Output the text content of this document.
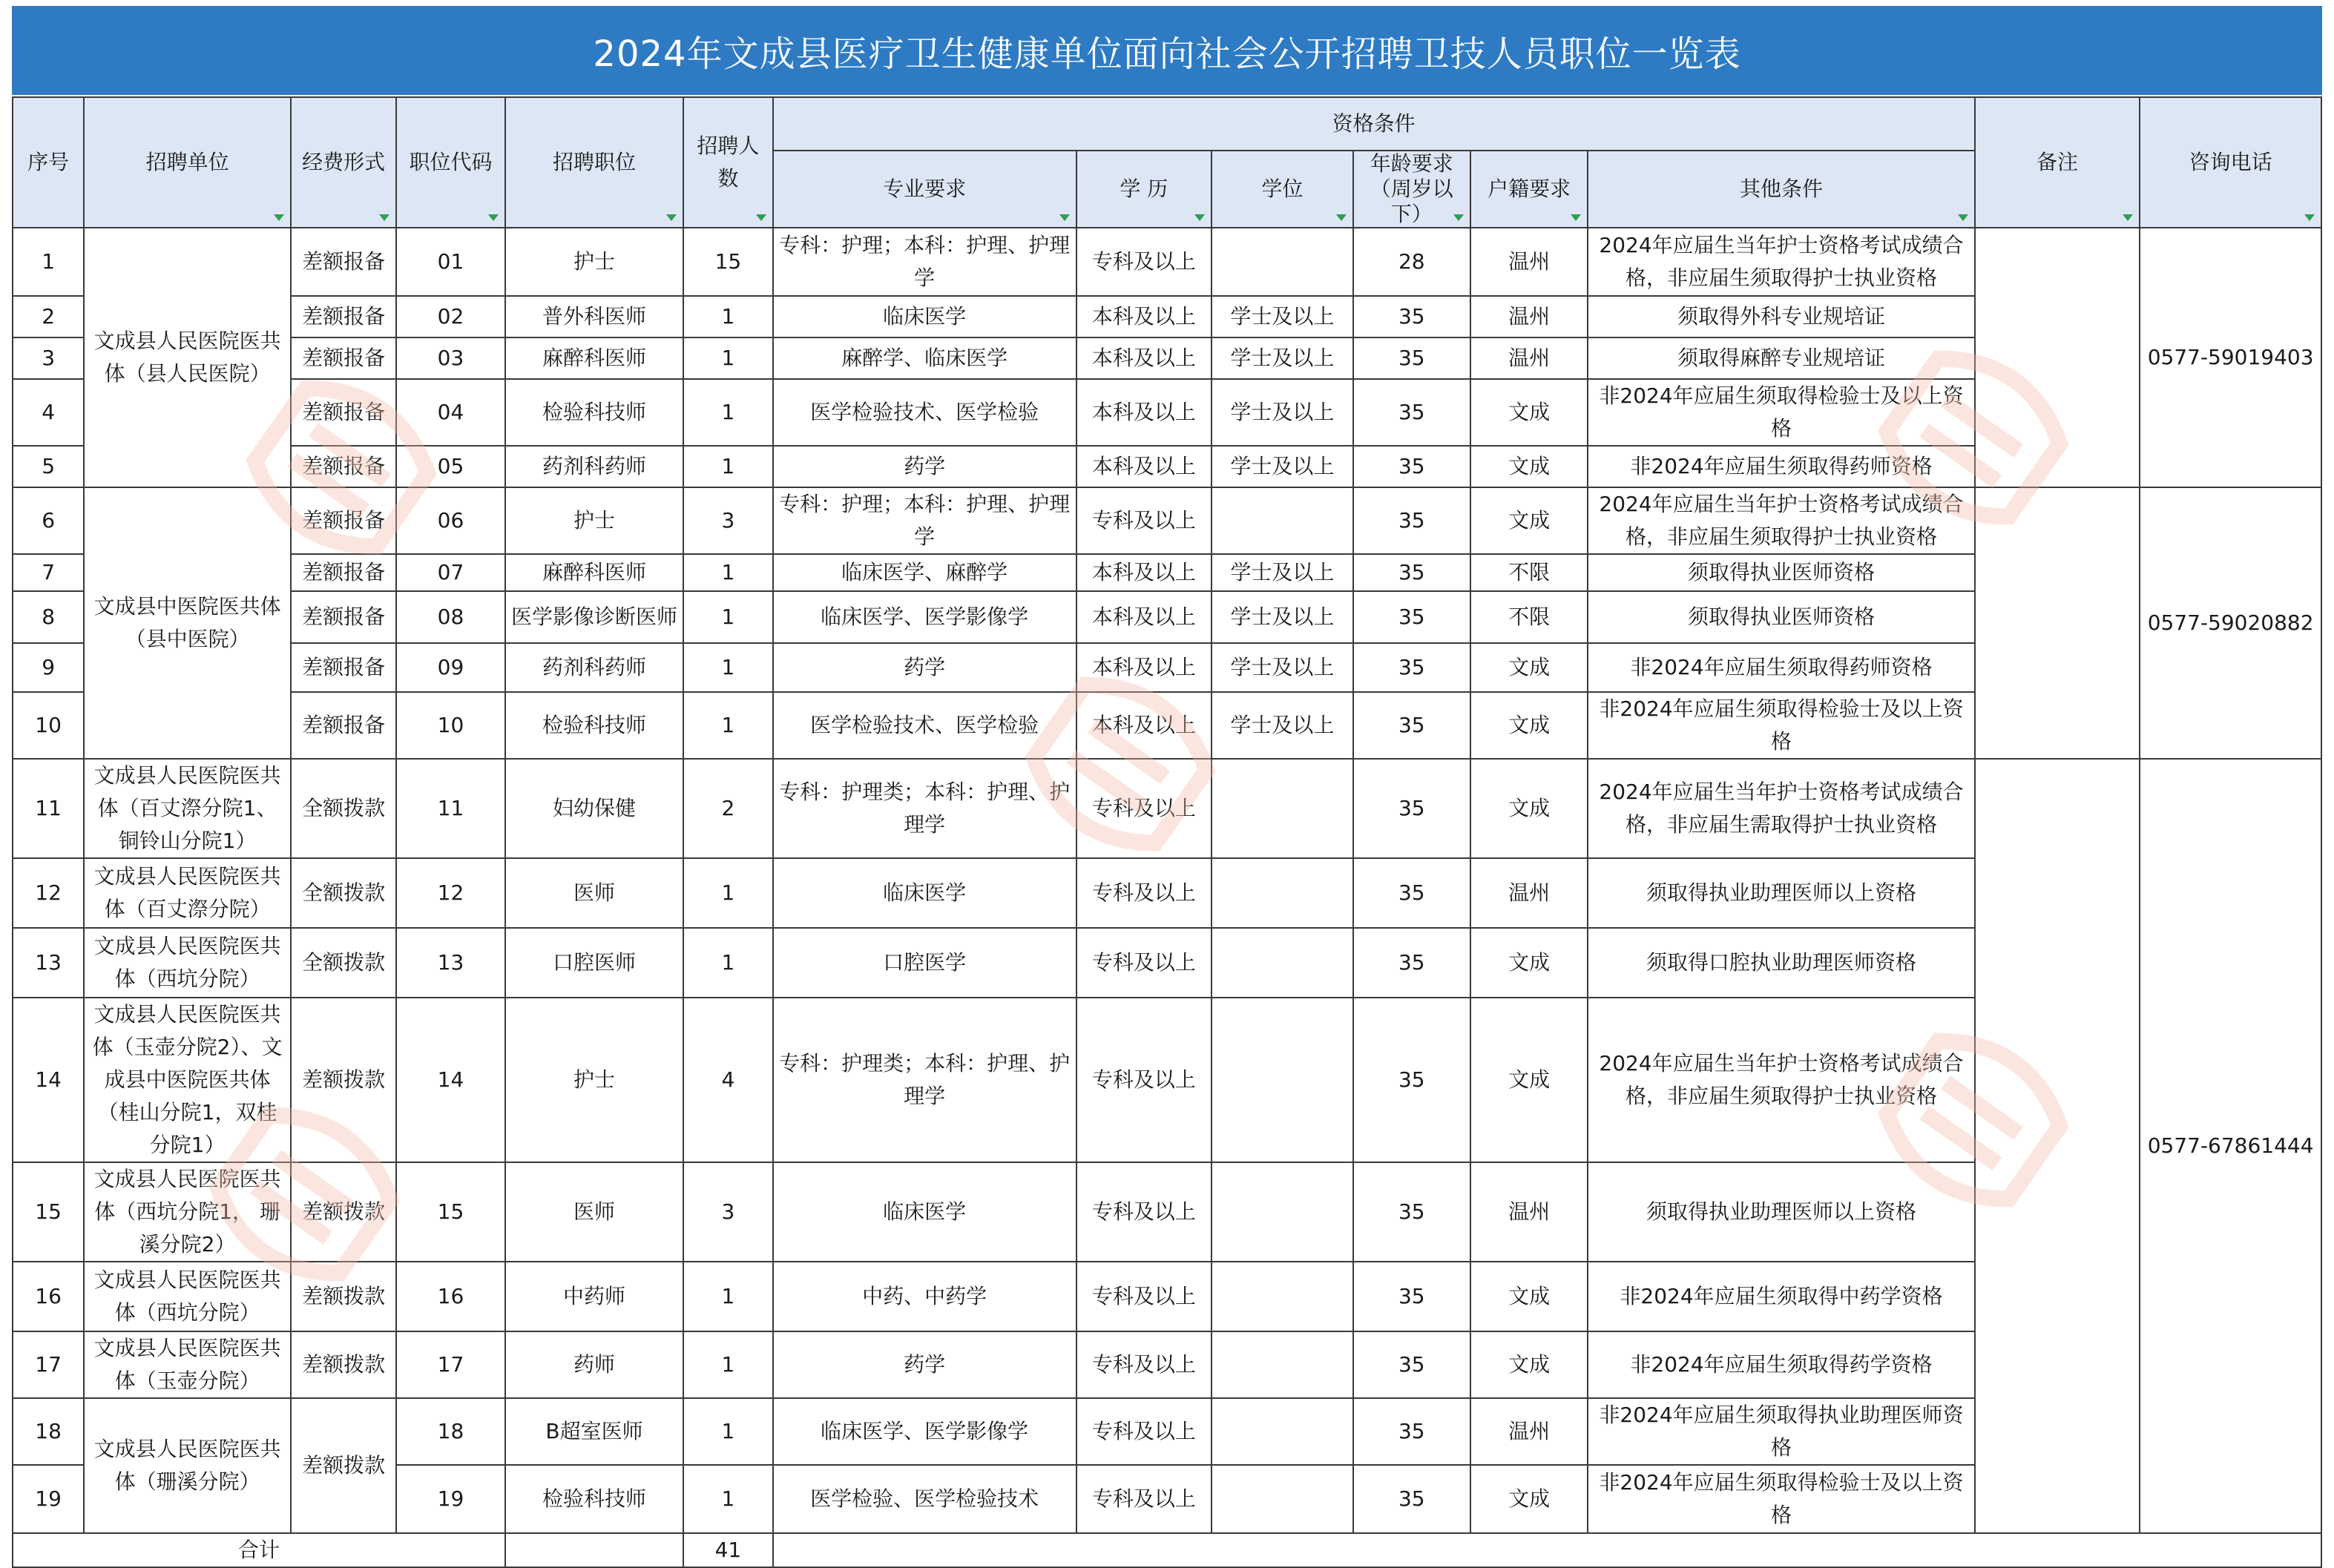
2024年文成县医疗卫生健康单位面向社会公开招聘卫技人员职位一览表
序号	招聘单位	经费形式	职位代码	招聘职位	招聘人数	资格条件						备注	咨询电话

						专业要求	学 历	学位	年龄要求（周岁以下）	户籍要求	其他条件		

1	文成县人民医院医共体（县人民医院）	差额报备	01	护士	15	专科：护理；本科：护理、护理学	专科及以上		28	温州	2024年应届生当年护士资格考试成绩合格，非应届生须取得护士执业资格		0577-59019403
2		差额报备	02	普外科医师	1	临床医学	本科及以上	学士及以上	35	温州	须取得外科专业规培证		
3		差额报备	03	麻醉科医师	1	麻醉学、临床医学	本科及以上	学士及以上	35	温州	须取得麻醉专业规培证		
4		差额报备	04	检验科技师	1	医学检验技术、医学检验	本科及以上	学士及以上	35	文成	非2024年应届生须取得检验士及以上资格		
5		差额报备	05	药剂科药师	1	药学	本科及以上	学士及以上	35	文成	非2024年应届生须取得药师资格		
6	文成县中医院医共体（县中医院）	差额报备	06	护士	3	专科：护理；本科：护理、护理学	专科及以上		35	文成	2024年应届生当年护士资格考试成绩合格，非应届生须取得护士执业资格		0577-59020882
7		差额报备	07	麻醉科医师	1	临床医学、麻醉学	本科及以上	学士及以上	35	不限	须取得执业医师资格		
8		差额报备	08	医学影像诊断医师	1	临床医学、医学影像学	本科及以上	学士及以上	35	不限	须取得执业医师资格		
9		差额报备	09	药剂科药师	1	药学	本科及以上	学士及以上	35	文成	非2024年应届生须取得药师资格		
10		差额报备	10	检验科技师	1	医学检验技术、医学检验	本科及以上	学士及以上	35	文成	非2024年应届生须取得检验士及以上资格		
11	文成县人民医院医共体（百丈漈分院1、铜铃山分院1）	全额拨款	11	妇幼保健	2	专科：护理类；本科：护理、护理学	专科及以上		35	文成	2024年应届生当年护士资格考试成绩合格，非应届生需取得护士执业资格		0577-67861444
12	文成县人民医院医共体（百丈漈分院）	全额拨款	12	医师	1	临床医学	专科及以上		35	温州	须取得执业助理医师以上资格		
13	文成县人民医院医共体（西坑分院）	全额拨款	13	口腔医师	1	口腔医学	专科及以上		35	文成	须取得口腔执业助理医师资格		
14	文成县人民医院医共体（玉壶分院2）、文成县中医院医共体（桂山分院1，双桂分院1）	差额拨款	14	护士	4	专科：护理类；本科：护理、护理学	专科及以上		35	文成	2024年应届生当年护士资格考试成绩合格，非应届生须取得护士执业资格		
15	文成县人民医院医共体（西坑分院1， 珊溪分院2）	差额拨款	15	医师	3	临床医学	专科及以上		35	温州	须取得执业助理医师以上资格		
16	文成县人民医院医共体（西坑分院）	差额拨款	16	中药师	1	中药、中药学	专科及以上		35	文成	非2024年应届生须取得中药学资格		
17	文成县人民医院医共体（玉壶分院）	差额拨款	17	药师	1	药学	专科及以上		35	文成	非2024年应届生须取得药学资格		
18	文成县人民医院医共体（珊溪分院）	差额拨款	18	B超室医师	1	临床医学、医学影像学	专科及以上		35	温州	非2024年应届生须取得执业助理医师资格		
19			19	检验科技师	1	医学检验、医学检验技术	专科及以上		35	文成	非2024年应届生须取得检验士及以上资格		
合计					41								
